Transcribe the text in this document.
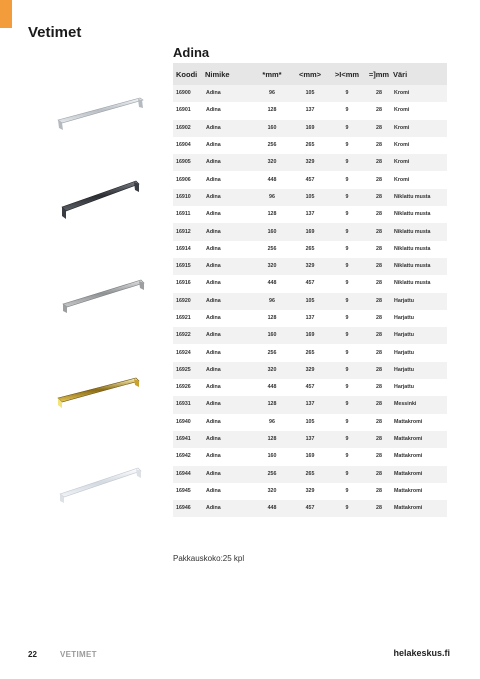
Vetimet
Adina
Koodi	Nimike	*mm*	<mm>	>I<mm	=]mm	Väri
16900	Adina	96	105	9	28	Kromi
16901	Adina	128	137	9	28	Kromi
16902	Adina	160	169	9	28	Kromi
16904	Adina	256	265	9	28	Kromi
16905	Adina	320	329	9	28	Kromi
16906	Adina	448	457	9	28	Kromi
16910	Adina	96	105	9	28	Niklattu musta
16911	Adina	128	137	9	28	Niklattu musta
16912	Adina	160	169	9	28	Niklattu musta
16914	Adina	256	265	9	28	Niklattu musta
16915	Adina	320	329	9	28	Niklattu musta
16916	Adina	448	457	9	28	Niklattu musta
16920	Adina	96	105	9	28	Harjattu
16921	Adina	128	137	9	28	Harjattu
16922	Adina	160	169	9	28	Harjattu
16924	Adina	256	265	9	28	Harjattu
16925	Adina	320	329	9	28	Harjattu
16926	Adina	448	457	9	28	Harjattu
16931	Adina	128	137	9	28	Messinki
16940	Adina	96	105	9	28	Mattakromi
16941	Adina	128	137	9	28	Mattakromi
16942	Adina	160	169	9	28	Mattakromi
16944	Adina	256	265	9	28	Mattakromi
16945	Adina	320	329	9	28	Mattakromi
16946	Adina	448	457	9	28	Mattakromi
Pakkauskoko:25 kpl
22	VETIMET	helakeskus.fi
